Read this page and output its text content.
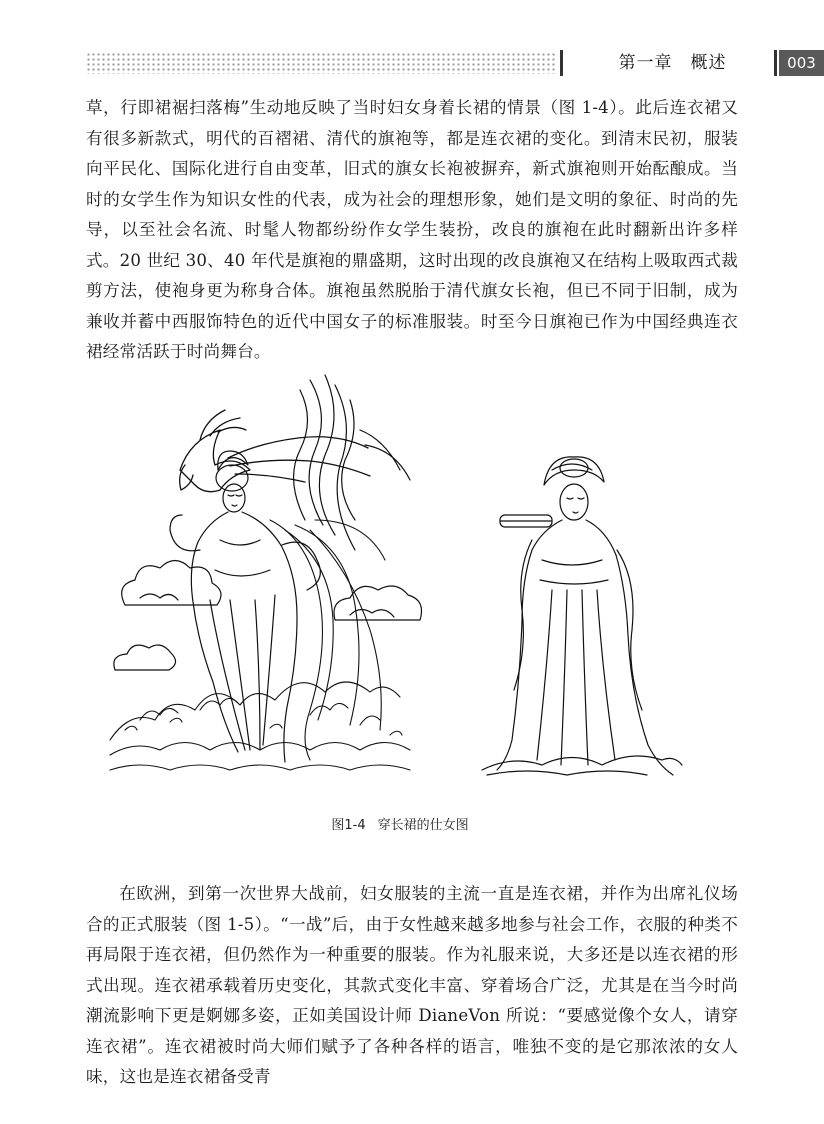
第一章　概述	003

草，行即裙裾扫落梅”生动地反映了当时妇女身着长裙的情景（图 1-4）。此后连衣裙又有很多新款式，明代的百褶裙、清代的旗袍等，都是连衣裙的变化。到清末民初，服装向平民化、国际化进行自由变革，旧式的旗女长袍被摒弃，新式旗袍则开始酝酿成。当时的女学生作为知识女性的代表，成为社会的理想形象，她们是文明的象征、时尚的先导，以至社会名流、时髦人物都纷纷作女学生装扮，改良的旗袍在此时翻新出许多样式。20 世纪 30、40 年代是旗袍的鼎盛期，这时出现的改良旗袍又在结构上吸取西式裁剪方法，使袍身更为称身合体。旗袍虽然脱胎于清代旗女长袍，但已不同于旧制，成为兼收并蓄中西服饰特色的近代中国女子的标准服装。时至今日旗袍已作为中国经典连衣裙经常活跃于时尚舞台。

图1-4 穿长裙的仕女图

在欧洲，到第一次世界大战前，妇女服装的主流一直是连衣裙，并作为出席礼仪场合的正式服装（图 1-5）。“一战”后，由于女性越来越多地参与社会工作，衣服的种类不再局限于连衣裙，但仍然作为一种重要的服装。作为礼服来说，大多还是以连衣裙的形式出现。连衣裙承载着历史变化，其款式变化丰富、穿着场合广泛，尤其是在当今时尚潮流影响下更是婀娜多姿，正如美国设计师 DianeVon 所说：“要感觉像个女人，请穿连衣裙”。连衣裙被时尚大师们赋予了各种各样的语言，唯独不变的是它那浓浓的女人味，这也是连衣裙备受青
